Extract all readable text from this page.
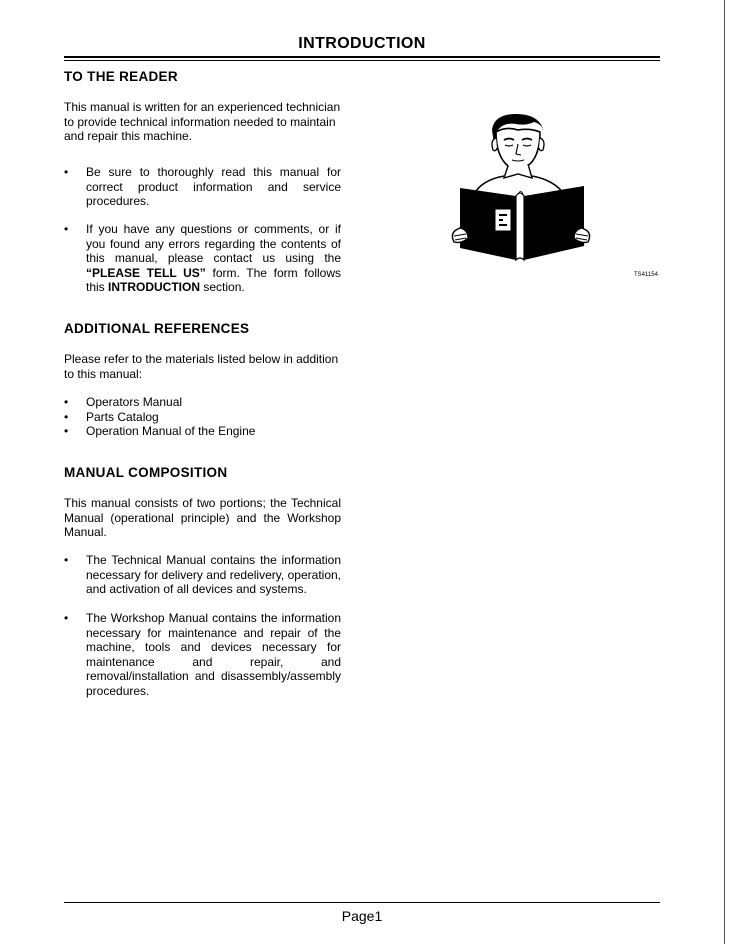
INTRODUCTION
TO THE READER
This manual is written for an experienced technician to provide technical information needed to maintain and repair this machine.
• Be sure to thoroughly read this manual for correct product information and service procedures.
• If you have any questions or comments, or if you found any errors regarding the contents of this manual, please contact us using the “PLEASE TELL US” form. The form follows this INTRODUCTION section.
ADDITIONAL REFERENCES
Please refer to the materials listed below in addition to this manual:
• Operators Manual
• Parts Catalog
• Operation Manual of the Engine
MANUAL COMPOSITION
This manual consists of two portions; the Technical Manual (operational principle) and the Workshop Manual.
• The Technical Manual contains the information necessary for delivery and redelivery, operation, and activation of all devices and systems.
• The Workshop Manual contains the information necessary for maintenance and repair of the machine, tools and devices necessary for maintenance and repair, and removal/installation and disassembly/assembly procedures.
TS41154
Page1
